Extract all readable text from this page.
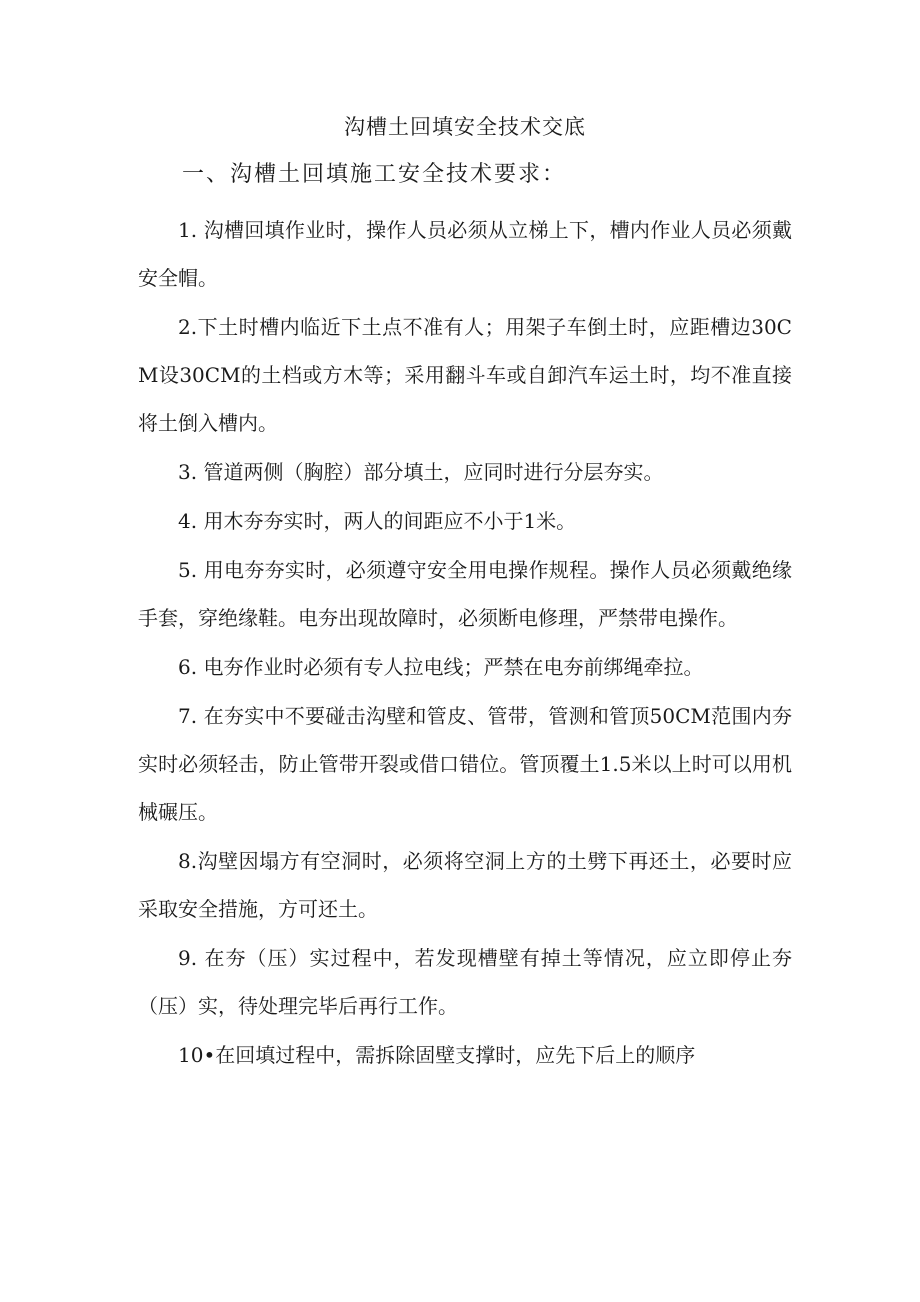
沟槽土回填安全技术交底
一、沟槽土回填施工安全技术要求：

1. 沟槽回填作业时，操作人员必须从立梯上下，槽内作业人员必须戴安全帽。

2.下土时槽内临近下土点不准有人；用架子车倒土时，应距槽边30CM设30CM的土档或方木等；采用翻斗车或自卸汽车运土时，均不准直接将土倒入槽内。

3. 管道两侧（胸腔）部分填土，应同时进行分层夯实。

4. 用木夯夯实时，两人的间距应不小于1米。

5. 用电夯夯实时，必须遵守安全用电操作规程。操作人员必须戴绝缘手套，穿绝缘鞋。电夯出现故障时，必须断电修理，严禁带电操作。

6. 电夯作业时必须有专人拉电线；严禁在电夯前绑绳牵拉。

7. 在夯实中不要碰击沟壁和管皮、管带，管测和管顶50CM范围内夯实时必须轻击，防止管带开裂或借口错位。管顶覆土1.5米以上时可以用机械碾压。

8.沟壁因塌方有空洞时，必须将空洞上方的土劈下再还土，必要时应采取安全措施，方可还土。

9. 在夯（压）实过程中，若发现槽壁有掉土等情况，应立即停止夯（压）实，待处理完毕后再行工作。

10•在回填过程中，需拆除固壁支撑时，应先下后上的顺序
